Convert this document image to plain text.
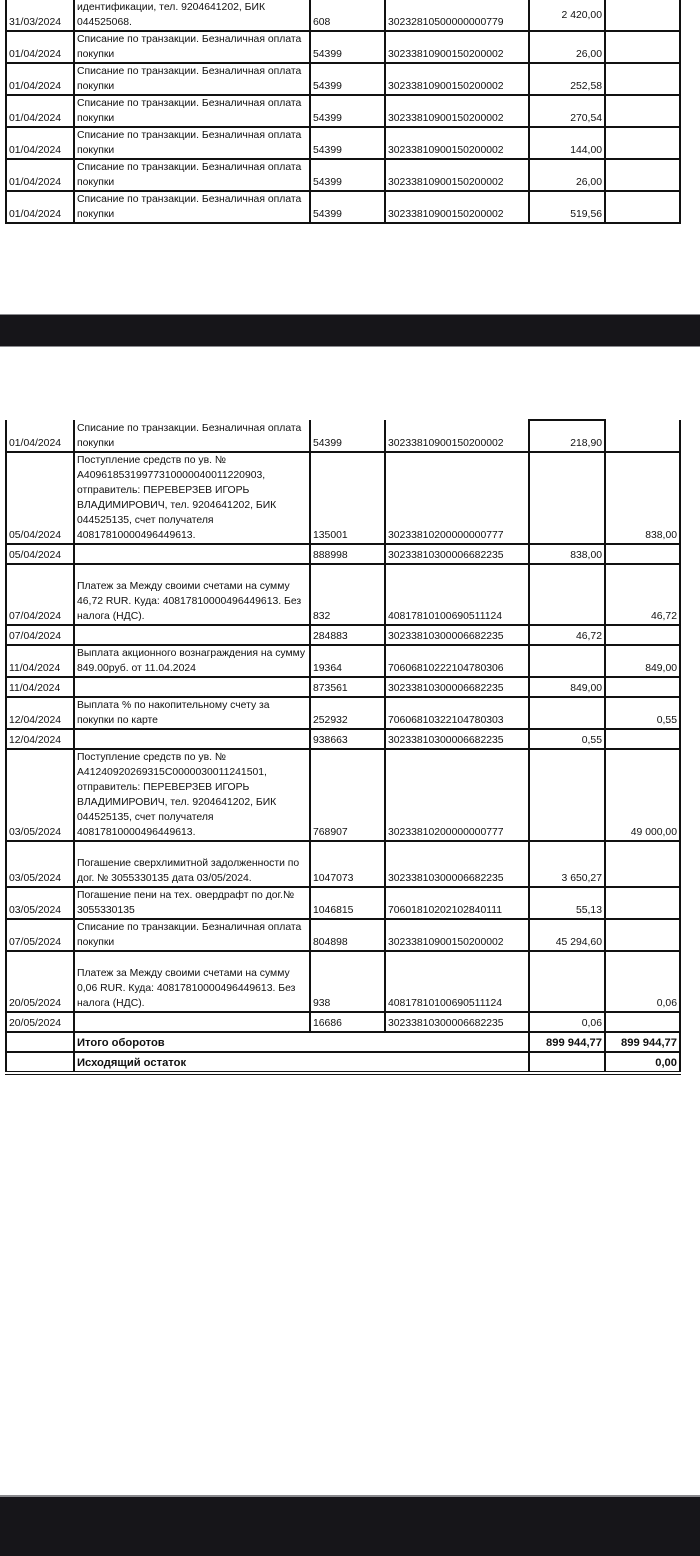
31/03/2024	идентификации, тел. 9204641202, БИК 044525068.	608	30232810500000000779	2 420,00	
01/04/2024	Списание по транзакции. Безналичная оплата покупки	54399	30233810900150200002	26,00	
01/04/2024	Списание по транзакции. Безналичная оплата покупки	54399	30233810900150200002	252,58	
01/04/2024	Списание по транзакции. Безналичная оплата покупки	54399	30233810900150200002	270,54	
01/04/2024	Списание по транзакции. Безналичная оплата покупки	54399	30233810900150200002	144,00	
01/04/2024	Списание по транзакции. Безналичная оплата покупки	54399	30233810900150200002	26,00	
01/04/2024	Списание по транзакции. Безналичная оплата покупки	54399	30233810900150200002	519,56	
01/04/2024	Списание по транзакции. Безналичная оплата покупки	54399	30233810900150200002	218,90	
05/04/2024	Поступление средств по ув. № A40961853199773100000400112209​03, отправитель: ПЕРЕВЕРЗЕВ ИГОРЬ ВЛАДИМИРОВИЧ, тел. 9204641202, БИК 044525135, счет получателя 40817810000496449613.	135001	30233810200000000777		838,00
05/04/2024		888998	30233810300006682235	838,00	
07/04/2024	Платеж за Между своими счетами на сумму 46,72 RUR. Куда: 40817810000496449613. Без налога (НДС).	832	40817810100690511124		46,72
07/04/2024		284883	30233810300006682235	46,72	
11/04/2024	Выплата акционного вознаграждения на сумму 849.00руб. от 11.04.2024	19364	70606810222104780306		849,00
11/04/2024		873561	30233810300006682235	849,00	
12/04/2024	Выплата % по накопительному счету за покупки по карте	252932	70606810322104780303		0,55
12/04/2024		938663	30233810300006682235	0,55	
03/05/2024	Поступление средств по ув. № A41240920269315C0000030011241501, отправитель: ПЕРЕВЕРЗЕВ ИГОРЬ ВЛАДИМИРОВИЧ, тел. 9204641202, БИК 044525135, счет получателя 40817810000496449613.	768907	30233810200000000777		49 000,00
03/05/2024	Погашение сверхлимитной задолженности по дог. № 3055330135 дата 03/05/2024.	1047073	30233810300006682235	3 650,27	
03/05/2024	Погашение пени на тех. овердрафт по дог.№ 3055330135	1046815	70601810202102840111	55,13	
07/05/2024	Списание по транзакции. Безналичная оплата покупки	804898	30233810900150200002	45 294,60	
20/05/2024	Платеж за Между своими счетами на сумму 0,06 RUR. Куда: 40817810000496449613. Без налога (НДС).	938	40817810100690511124		0,06
20/05/2024		16686	30233810300006682235	0,06	
	Итого оборотов			899 944,77	899 944,77
	Исходящий остаток				0,00
